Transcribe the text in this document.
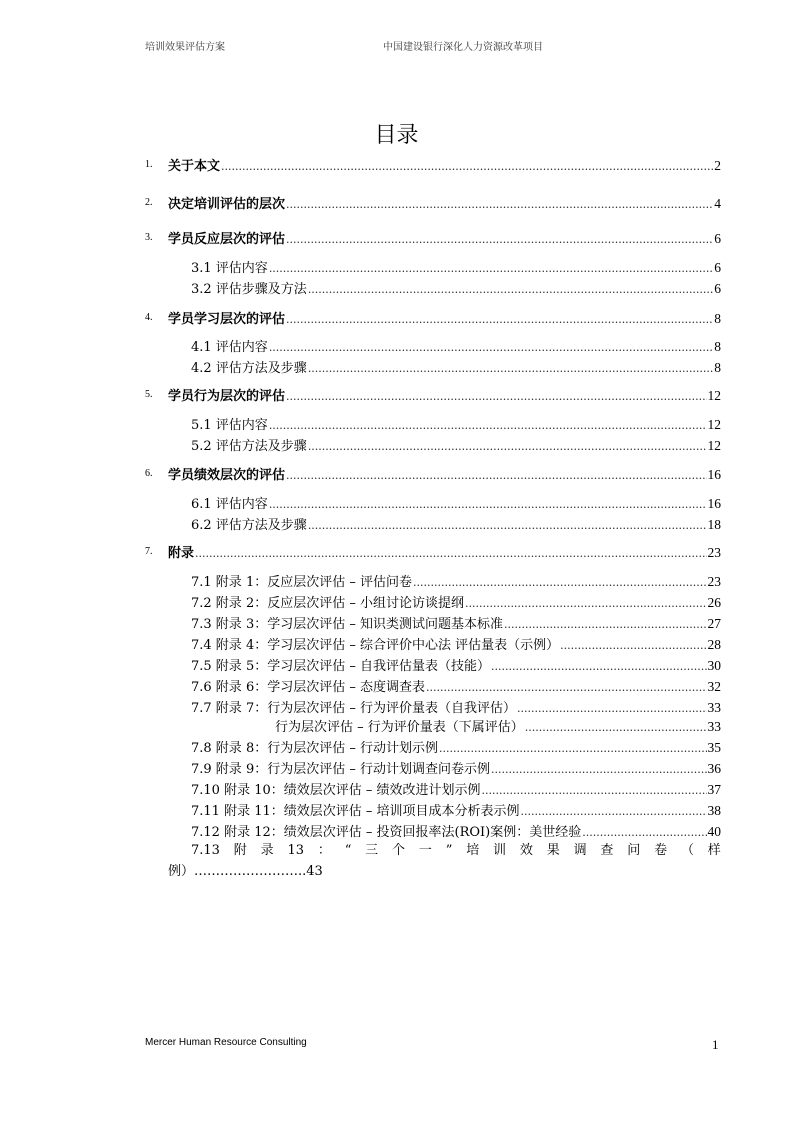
培训效果评估方案	中国建设银行深化人力资源改革项目
目录
1. 关于本文 .....	2
2. 决定培训评估的层次 .....	4
3. 学员反应层次的评估 .....	6
3.1 评估内容 .....	6
3.2 评估步骤及方法 .....	6
4. 学员学习层次的评估 .....	8
4.1 评估内容 .....	8
4.2 评估方法及步骤 .....	8
5. 学员行为层次的评估 .....	12
5.1 评估内容 .....	12
5.2 评估方法及步骤 .....	12
6. 学员绩效层次的评估 .....	16
6.1 评估内容 .....	16
6.2 评估方法及步骤 .....	18
7. 附录 .....	23
7.1 附录 1：反应层次评估 – 评估问卷 .....	23
7.2 附录 2：反应层次评估 – 小组讨论访谈提纲 .....	26
7.3 附录 3：学习层次评估 – 知识类测试问题基本标准 .....	27
7.4 附录 4：学习层次评估 – 综合评价中心法 评估量表（示例） .....	28
7.5 附录 5：学习层次评估 – 自我评估量表（技能） .....	30
7.6 附录 6：学习层次评估 – 态度调查表 .....	32
7.7 附录 7：行为层次评估 – 行为评价量表（自我评估） .....	33
行为层次评估 – 行为评价量表（下属评估） .....	33
7.8 附录 8：行为层次评估 – 行动计划示例 .....	35
7.9 附录 9：行为层次评估 – 行动计划调查问卷示例 .....	36
7.10 附录 10：绩效层次评估 – 绩效改进计划示例 .....	37
7.11 附录 11：绩效层次评估 – 培训项目成本分析表示例 .....	38
7.12 附录 12：绩效层次评估 – 投资回报率法(ROI)案例：美世经验 .....	40
7.13 附 录 13 ： “ 三 个 一 ” 培 训 效 果 调 查 问 卷 （ 样
例）……………………..43
Mercer Human Resource Consulting	1
